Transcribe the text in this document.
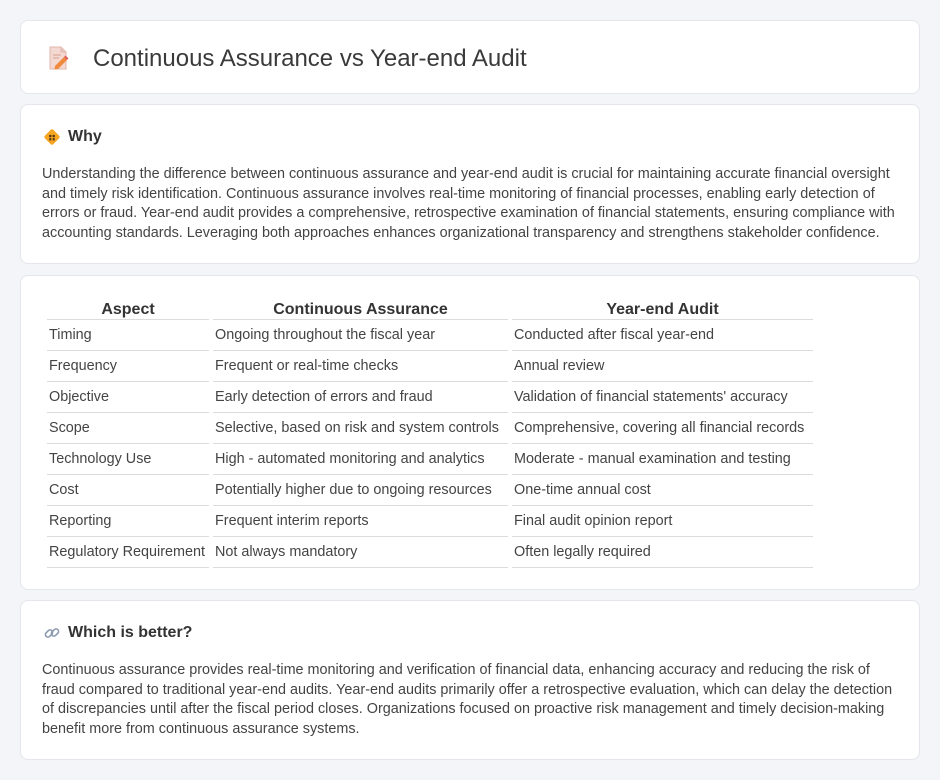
Continuous Assurance vs Year-end Audit
Why

Understanding the difference between continuous assurance and year-end audit is crucial for maintaining accurate financial oversight and timely risk identification. Continuous assurance involves real-time monitoring of financial processes, enabling early detection of errors or fraud. Year-end audit provides a comprehensive, retrospective examination of financial statements, ensuring compliance with accounting standards. Leveraging both approaches enhances organizational transparency and strengthens stakeholder confidence.

Aspect	Continuous Assurance	Year-end Audit
Timing	Ongoing throughout the fiscal year	Conducted after fiscal year-end
Frequency	Frequent or real-time checks	Annual review
Objective	Early detection of errors and fraud	Validation of financial statements' accuracy
Scope	Selective, based on risk and system controls	Comprehensive, covering all financial records
Technology Use	High - automated monitoring and analytics	Moderate - manual examination and testing
Cost	Potentially higher due to ongoing resources	One-time annual cost
Reporting	Frequent interim reports	Final audit opinion report
Regulatory Requirement	Not always mandatory	Often legally required
Which is better?

Continuous assurance provides real-time monitoring and verification of financial data, enhancing accuracy and reducing the risk of fraud compared to traditional year-end audits. Year-end audits primarily offer a retrospective evaluation, which can delay the detection of discrepancies until after the fiscal period closes. Organizations focused on proactive risk management and timely decision-making benefit more from continuous assurance systems.
